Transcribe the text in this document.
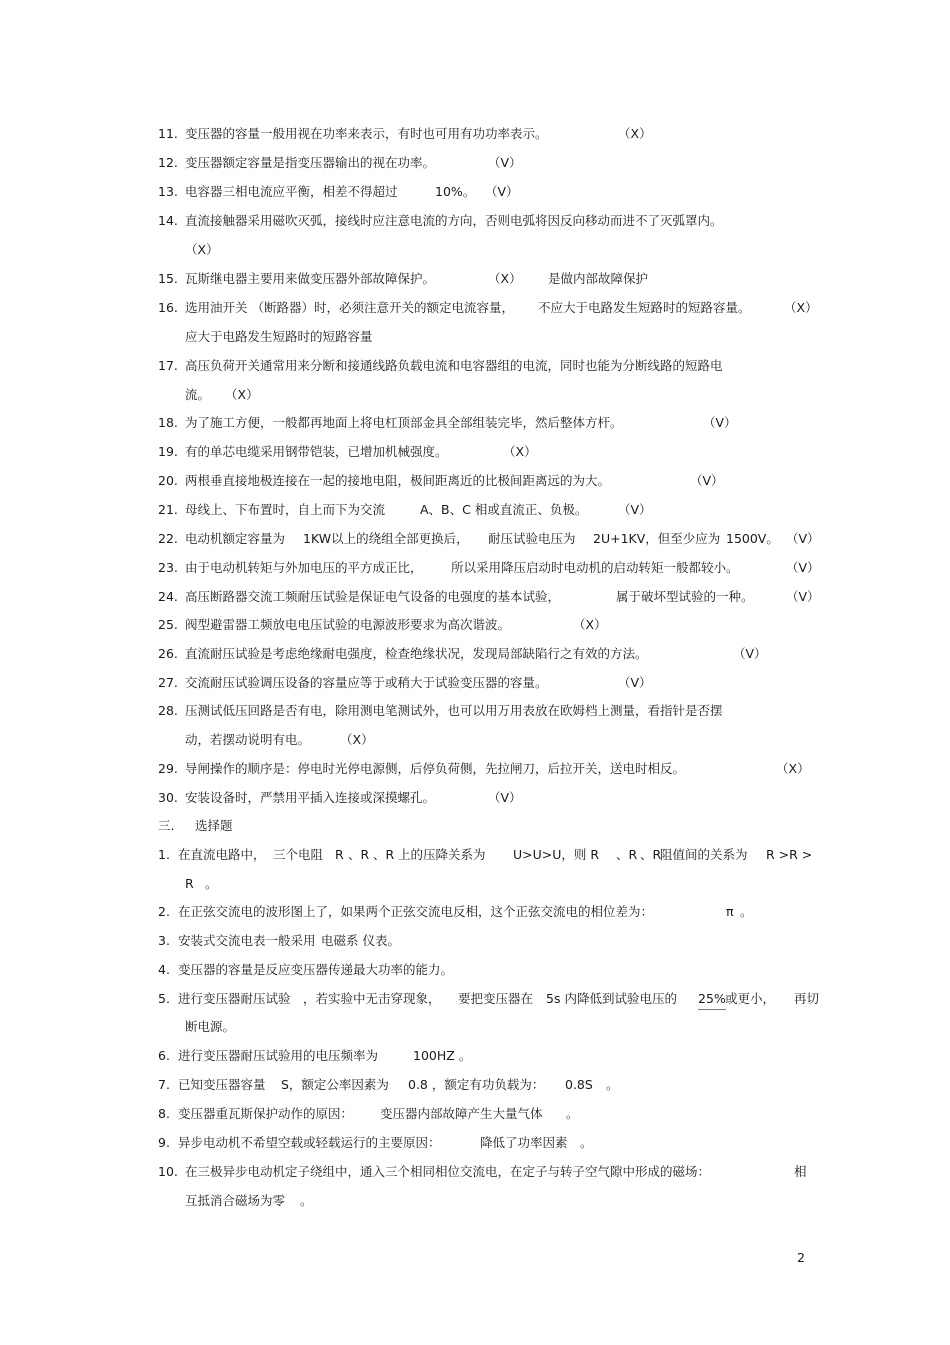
11. 变压器的容量一般用视在功率来表示，有时也可用有功功率表示。	（X）
12. 变压器额定容量是指变压器输出的视在功率。	（V）
13. 电容器三相电流应平衡，相差不得超过	10%。 （V）
14. 直流接触器采用磁吹灭弧，接线时应注意电流的方向，否则电弧将因反向移动而进不了灭弧罩内。
（X）
15. 瓦斯继电器主要用来做变压器外部故障保护。	（X） 是做内部故障保护
16. 选用油开关 （断路器）时，必须注意开关的额定电流容量， 不应大于电路发生短路时的短路容量。	（X）
应大于电路发生短路时的短路容量
17. 高压负荷开关通常用来分断和接通线路负载电流和电容器组的电流，同时也能为分断线路的短路电
流。 （X）
18. 为了施工方便，一般都再地面上将电杠顶部金具全部组装完毕，然后整体方杆。	（V）
19. 有的单芯电缆采用钢带铠装，已增加机械强度。	（X）
20. 两根垂直接地极连接在一起的接地电阻，极间距离近的比极间距离远的为大。	（V）
21. 母线上、下布置时，自上而下为交流	A、B、C 相或直流正、负极。 （V）
22. 电动机额定容量为 1KW以上的绕组全部更换后， 耐压试验电压为 2U+1KV，但至少应为 1500V。 （V）
23. 由于电动机转矩与外加电压的平方成正比， 所以采用降压启动时电动机的启动转矩一般都较小。	（V）
24. 高压断路器交流工频耐压试验是保证电气设备的电强度的基本试验，	属于破坏型试验的一种。	（V）
25. 阀型避雷器工频放电电压试验的电源波形要求为高次谐波。	（X）
26. 直流耐压试验是考虑绝缘耐电强度，检查绝缘状况，发现局部缺陷行之有效的方法。	（V）
27. 交流耐压试验调压设备的容量应等于或稍大于试验变压器的容量。	（V）
28. 压测试低压回路是否有电，除用测电笔测试外，也可以用万用表放在欧姆档上测量，看指针是否摆
动，若摆动说明有电。 （X）
29. 导闸操作的顺序是：停电时光停电源侧，后停负荷侧，先拉闸刀，后拉开关，送电时相反。	（X）
30. 安装设备时，严禁用平插入连接或深摸螺孔。	（V）
三. 选择题
1. 在直流电路中， 三个电阻 R 、R 、R 上的压降关系为 U>U>U，则 R 、R 、R
阻值间的关系为 R >R >
R 。
2. 在正弦交流电的波形图上了，如果两个正弦交流电反相，这个正弦交流电的相位差为：	π 。
3. 安装式交流电表一般采用 电磁系 仪表。
4. 变压器的容量是反应变压器传递最大功率的能力。
5. 进行变压器耐压试验 ，若实验中无击穿现象， 要把变压器在 5s 内降低到试验电压的 25% 或更小， 再切
断电源。
6. 进行变压器耐压试验用的电压频率为	100HZ 。
7. 已知变压器容量 S，额定公率因素为 0.8 ，额定有功负载为： 0.8S 。
8. 变压器重瓦斯保护动作的原因： 变压器内部故障产生大量气体 。
9. 异步电动机不希望空载或轻载运行的主要原因：	降低了功率因素 。
10. 在三极异步电动机定子绕组中，通入三个相同相位交流电，在定子与转子空气隙中形成的磁场：	相
互抵消合磁场为零 。
2
